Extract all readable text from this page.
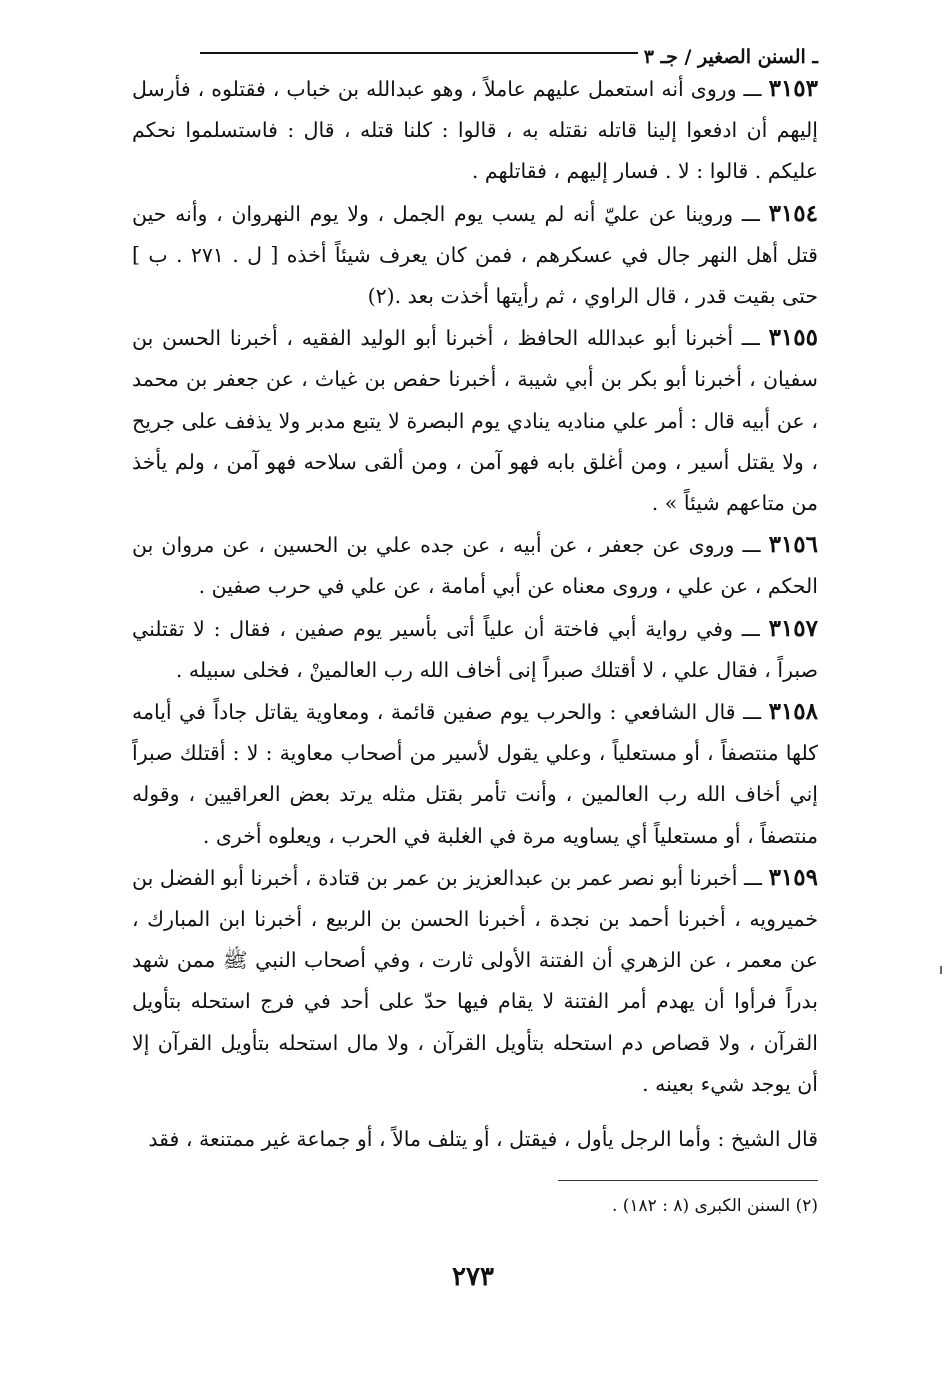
ـ السنن الصغير / جـ ٣

٣١٥٣ ـــ وروى أنه استعمل عليهم عاملاً ، وهو عبدالله بن خباب ، فقتلوه ، فأرسل إليهم أن ادفعوا إلينا قاتله نقتله به ، قالوا : كلنا قتله ، قال : فاستسلموا نحكم عليكم . قالوا : لا . فسار إليهم ، فقاتلهم .

٣١٥٤ ـــ وروينا عن عليّ أنه لم يسب يوم الجمل ، ولا يوم النهروان ، وأنه حين قتل أهل النهر جال في عسكرهم ، فمن كان يعرف شيئاً أخذه [ ل . ٢٧١ . ب ] حتى بقيت قدر ، قال الراوي ، ثم رأيتها أخذت بعد .(٢)

٣١٥٥ ـــ أخبرنا أبو عبدالله الحافظ ، أخبرنا أبو الوليد الفقيه ، أخبرنا الحسن بن سفيان ، أخبرنا أبو بكر بن أبي شيبة ، أخبرنا حفص بن غياث ، عن جعفر بن محمد ، عن أبيه قال : أمر علي مناديه ينادي يوم البصرة لا يتبع مدبر ولا يذفف على جريح ، ولا يقتل أسير ، ومن أغلق بابه فهو آمن ، ومن ألقى سلاحه فهو آمن ، ولم يأخذ من متاعهم شيئاً » .

٣١٥٦ ـــ وروى عن جعفر ، عن أبيه ، عن جده علي بن الحسين ، عن مروان بن الحكم ، عن علي ، وروى معناه عن أبي أمامة ، عن علي في حرب صفين .

٣١٥٧ ـــ وفي رواية أبي فاختة أن علياً أتى بأسير يوم صفين ، فقال : لا تقتلني صبراً ، فقال علي ، لا أقتلك صبراً إنى أخاف الله رب العالمينْ ، فخلى سبيله .

٣١٥٨ ـــ قال الشافعي : والحرب يوم صفين قائمة ، ومعاوية يقاتل جاداً في أيامه كلها منتصفاً ، أو مستعلياً ، وعلي يقول لأسير من أصحاب معاوية : لا : أقتلك صبراً إني أخاف الله رب العالمين ، وأنت تأمر بقتل مثله يرتد بعض العراقيين ، وقوله منتصفاً ، أو مستعلياً أي يساويه مرة في الغلبة في الحرب ، ويعلوه أخرى .

٣١٥٩ ـــ أخبرنا أبو نصر عمر بن عبدالعزيز بن عمر بن قتادة ، أخبرنا أبو الفضل بن خميرويه ، أخبرنا أحمد بن نجدة ، أخبرنا الحسن بن الربيع ، أخبرنا ابن المبارك ، عن معمر ، عن الزهري أن الفتنة الأولى ثارت ، وفي أصحاب النبي ﷺ ممن شهد بدراً فرأوا أن يهدم أمر الفتنة لا يقام فيها حدّ على أحد في فرج استحله بتأويل القرآن ، ولا قصاص دم استحله بتأويل القرآن ، ولا مال استحله بتأويل القرآن إلا أن يوجد شيء بعينه .

قال الشيخ : وأما الرجل يأول ، فيقتل ، أو يتلف مالاً ، أو جماعة غير ممتنعة ، فقد

(٢) السنن الكبرى (٨ : ١٨٢) .
٢٧٣
